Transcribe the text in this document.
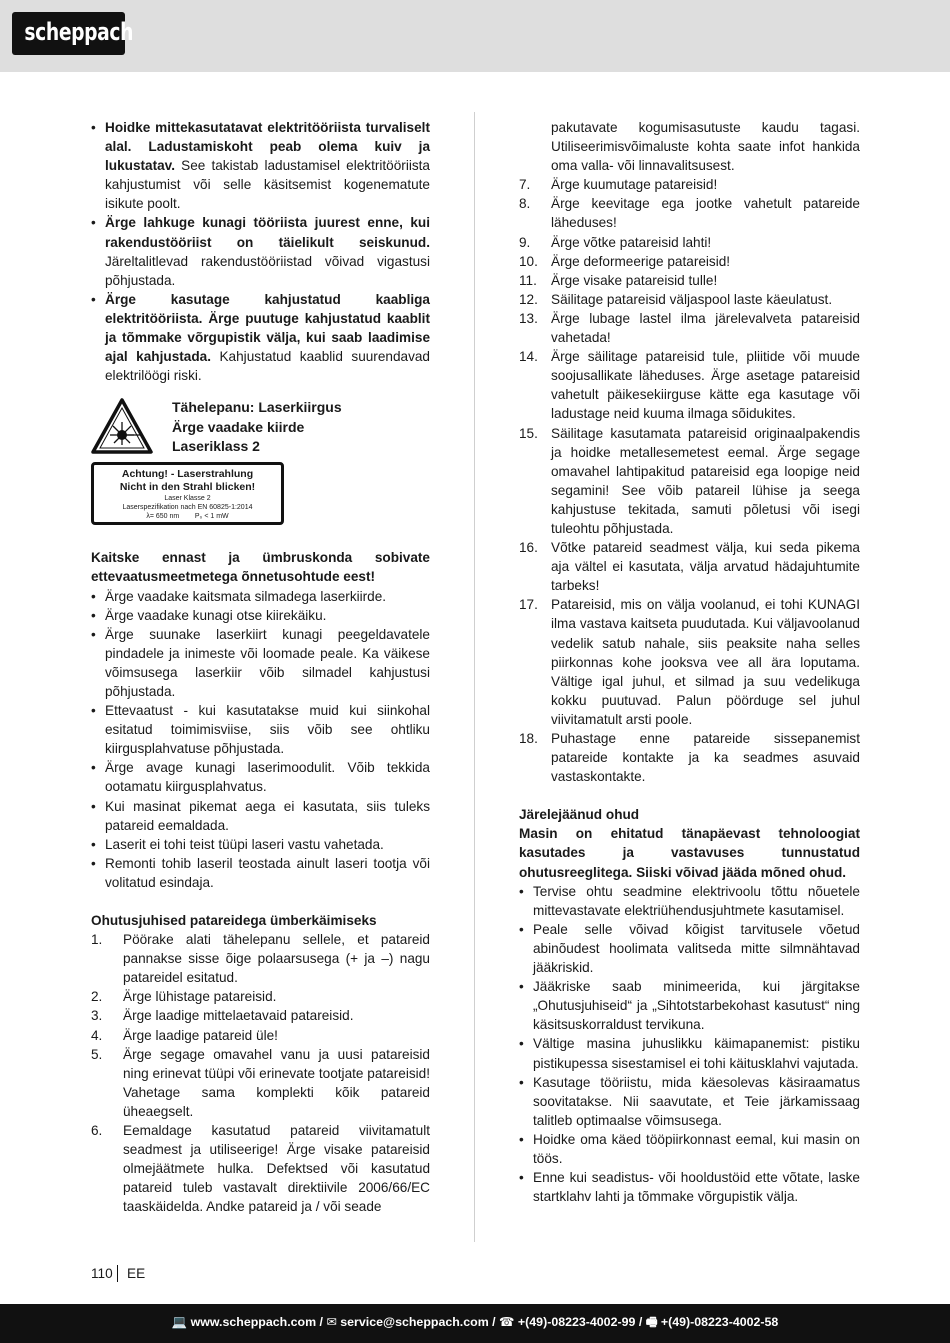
scheppach

• Hoidke mittekasutatavat elektritööriista turvaliselt alal. Ladustamiskoht peab olema kuiv ja lukustatav. See takistab ladustamisel elektritööriista kahjustumist või selle käsitsemist kogenematute isikute poolt.

• Ärge lahkuge kunagi tööriista juurest enne, kui rakendustööriist on täielikult seiskunud. Järeltalitlevad rakendustööriistad võivad vigastusi põhjustada.

• Ärge kasutage kahjustatud kaabliga elektritööriista. Ärge puutuge kahjustatud kaablit ja tõmmake võrgupistik välja, kui saab laadimise ajal kahjustada. Kahjustatud kaablid suurendavad elektrilöögi riski.

Tähelepanu: Laserkiirgus
Ärge vaadake kiirde
Laseriklass 2
Achtung! - Laserstrahlung
Nicht in den Strahl blicken!
Laser Klasse 2
Laserspezifikation nach EN 60825-1:2014
λ= 650 nm P₀ < 1 mW

Kaitske ennast ja ümbruskonda sobivate ettevaatusmeetmetega õnnetusohtude eest!

• Ärge vaadake kaitsmata silmadega laserkiirde.

• Ärge vaadake kunagi otse kiirekäiku.

• Ärge suunake laserkiirt kunagi peegeldavatele pindadele ja inimeste või loomade peale. Ka väikese võimsusega laserkiir võib silmadel kahjustusi põhjustada.

• Ettevaatust - kui kasutatakse muid kui siinkohal esitatud toimimisviise, siis võib see ohtliku kiirgusplahvatuse põhjustada.

• Ärge avage kunagi laserimoodulit. Võib tekkida ootamatu kiirgusplahvatus.

• Kui masinat pikemat aega ei kasutata, siis tuleks patareid eemaldada.

• Laserit ei tohi teist tüüpi laseri vastu vahetada.

• Remonti tohib laseril teostada ainult laseri tootja või volitatud esindaja.

Ohutusjuhised patareidega ümberkäimiseks

1. Pöörake alati tähelepanu sellele, et patareid pannakse sisse õige polaarsusega (+ ja –) nagu patareidel esitatud.

2. Ärge lühistage patareisid.

3. Ärge laadige mittelaetavaid patareisid.

4. Ärge laadige patareid üle!

5. Ärge segage omavahel vanu ja uusi patareisid ning erinevat tüüpi või erinevate tootjate patareisid! Vahetage sama komplekti kõik patareid üheaegselt.

6. Eemaldage kasutatud patareid viivitamatult seadmest ja utiliseerige! Ärge visake patareisid olmejäätmete hulka. Defektsed või kasutatud patareid tuleb vastavalt direktiivile 2006/66/EC taaskäidelda. Andke patareid ja / või seade

pakutavate kogumisasutuste kaudu tagasi. Utiliseerimisvõimaluste kohta saate infot hankida oma valla- või linnavalitsusest.

7. Ärge kuumutage patareisid!

8. Ärge keevitage ega jootke vahetult patareide läheduses!

9. Ärge võtke patareisid lahti!

10. Ärge deformeerige patareisid!

11. Ärge visake patareisid tulle!

12. Säilitage patareisid väljaspool laste käeulatust.

13. Ärge lubage lastel ilma järelevalveta patareisid vahetada!

14. Ärge säilitage patareisid tule, pliitide või muude soojusallikate läheduses. Ärge asetage patareisid vahetult päikesekiirguse kätte ega kasutage või ladustage neid kuuma ilmaga sõidukites.

15. Säilitage kasutamata patareisid originaalpakendis ja hoidke metallesemetest eemal. Ärge segage omavahel lahtipakitud patareisid ega loopige neid segamini! See võib patareil lühise ja seega kahjustuse tekitada, samuti põletusi või isegi tuleohtu põhjustada.

16. Võtke patareid seadmest välja, kui seda pikema aja vältel ei kasutata, välja arvatud hädajuhtumite tarbeks!

17. Patareisid, mis on välja voolanud, ei tohi KUNAGI ilma vastava kaitseta puudutada. Kui väljavoolanud vedelik satub nahale, siis peaksite naha selles piirkonnas kohe jooksva vee all ära loputama. Vältige igal juhul, et silmad ja suu vedelikuga kokku puutuvad. Palun pöörduge sel juhul viivitamatult arsti poole.

18. Puhastage enne patareide sissepanemist patareide kontakte ja ka seadmes asuvaid vastaskontakte.

Järelejäänud ohud

Masin on ehitatud tänapäevast tehnoloogiat kasutades ja vastavuses tunnustatud ohutusreeglitega. Siiski võivad jääda mõned ohud.

• Tervise ohtu seadmine elektrivoolu tõttu nõuetele mittevastavate elektriühendusjuhtmete kasutamisel.

• Peale selle võivad kõigist tarvitusele võetud abinõudest hoolimata valitseda mitte silmnähtavad jääkriskid.

• Jääkriske saab minimeerida, kui järgitakse „Ohutusjuhiseid“ ja „Sihtotstarbekohast kasutust“ ning käsitsuskorraldust tervikuna.

• Vältige masina juhuslikku käimapanemist: pistiku pistikupessa sisestamisel ei tohi käitusklahvi vajutada.

• Kasutage tööriistu, mida käesolevas käsiraamatus soovitatakse. Nii saavutate, et Teie järkamissaag talitleb optimaalse võimsusega.

• Hoidke oma käed tööpiirkonnast eemal, kui masin on töös.

• Enne kui seadistus- või hooldustöid ette võtate, laske startklahv lahti ja tõmmake võrgupistik välja.

110 EE
💻 www.scheppach.com / ✉ service@scheppach.com / ☎ +(49)-08223-4002-99 / 🖷 +(49)-08223-4002-58
